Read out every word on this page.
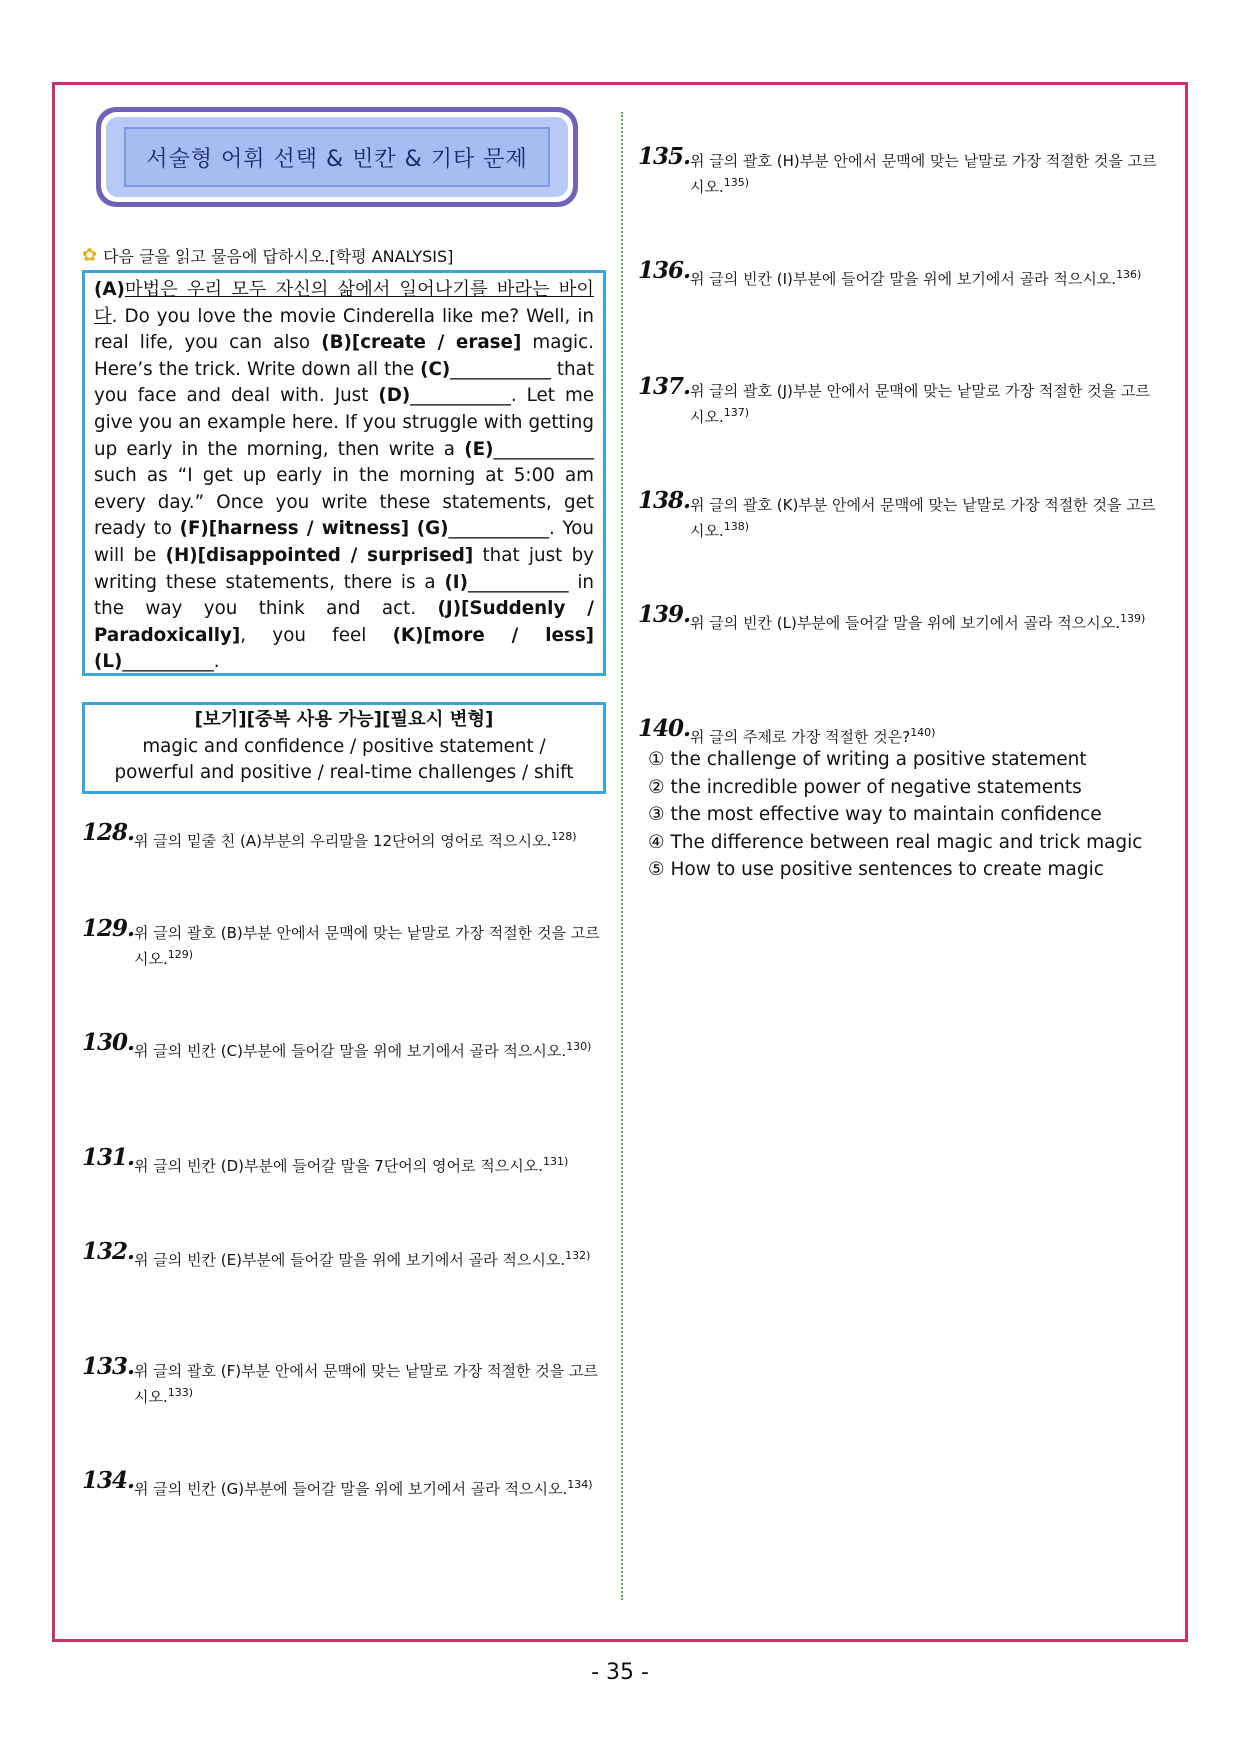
서술형 어휘 선택 & 빈칸 & 기타 문제
✿ 다음 글을 읽고 물음에 답하시오.[학평 ANALYSIS]
(A)마법은 우리 모두 자신의 삶에서 일어나기를 바라는 바이다. Do you love the movie Cinderella like me? Well, in real life, you can also (B)[create / erase] magic. Here’s the trick. Write down all the (C)___________ that you face and deal with. Just (D)___________. Let me give you an example here. If you struggle with getting up early in the morning, then write a (E)___________ such as “I get up early in the morning at 5:00 am every day.” Once you write these statements, get ready to (F)[harness / witness] (G)___________. You will be (H)[disappointed / surprised] that just by writing these statements, there is a (I)___________ in the way you think and act. (J)[Suddenly / Paradoxically], you feel (K)[more / less] (L)__________.
[보기][중복 사용 가능][필요시 변형]
magic and confidence / positive statement /
powerful and positive / real-time challenges / shift
128. 위 글의 밑줄 친 (A)부분의 우리말을 12단어의 영어로 적으시오.$^{128)}$
129. 위 글의 괄호 (B)부분 안에서 문맥에 맞는 낱말로 가장 적절한 것을 고르시오.$^{129)}$
130. 위 글의 빈칸 (C)부분에 들어갈 말을 위에 보기에서 골라 적으시오.$^{130)}$
131. 위 글의 빈칸 (D)부분에 들어갈 말을 7단어의 영어로 적으시오.$^{131)}$
132. 위 글의 빈칸 (E)부분에 들어갈 말을 위에 보기에서 골라 적으시오.$^{132)}$
133. 위 글의 괄호 (F)부분 안에서 문맥에 맞는 낱말로 가장 적절한 것을 고르시오.$^{133)}$
134. 위 글의 빈칸 (G)부분에 들어갈 말을 위에 보기에서 골라 적으시오.$^{134)}$
135. 위 글의 괄호 (H)부분 안에서 문맥에 맞는 낱말로 가장 적절한 것을 고르시오.$^{135)}$
136. 위 글의 빈칸 (I)부분에 들어갈 말을 위에 보기에서 골라 적으시오.$^{136)}$
137. 위 글의 괄호 (J)부분 안에서 문맥에 맞는 낱말로 가장 적절한 것을 고르시오.$^{137)}$
138. 위 글의 괄호 (K)부분 안에서 문맥에 맞는 낱말로 가장 적절한 것을 고르시오.$^{138)}$
139. 위 글의 빈칸 (L)부분에 들어갈 말을 위에 보기에서 골라 적으시오.$^{139)}$
140. 위 글의 주제로 가장 적절한 것은?$^{140)}$
① the challenge of writing a positive statement
② the incredible power of negative statements
③ the most effective way to maintain confidence
④ The difference between real magic and trick magic
⑤ How to use positive sentences to create magic
- 35 -
